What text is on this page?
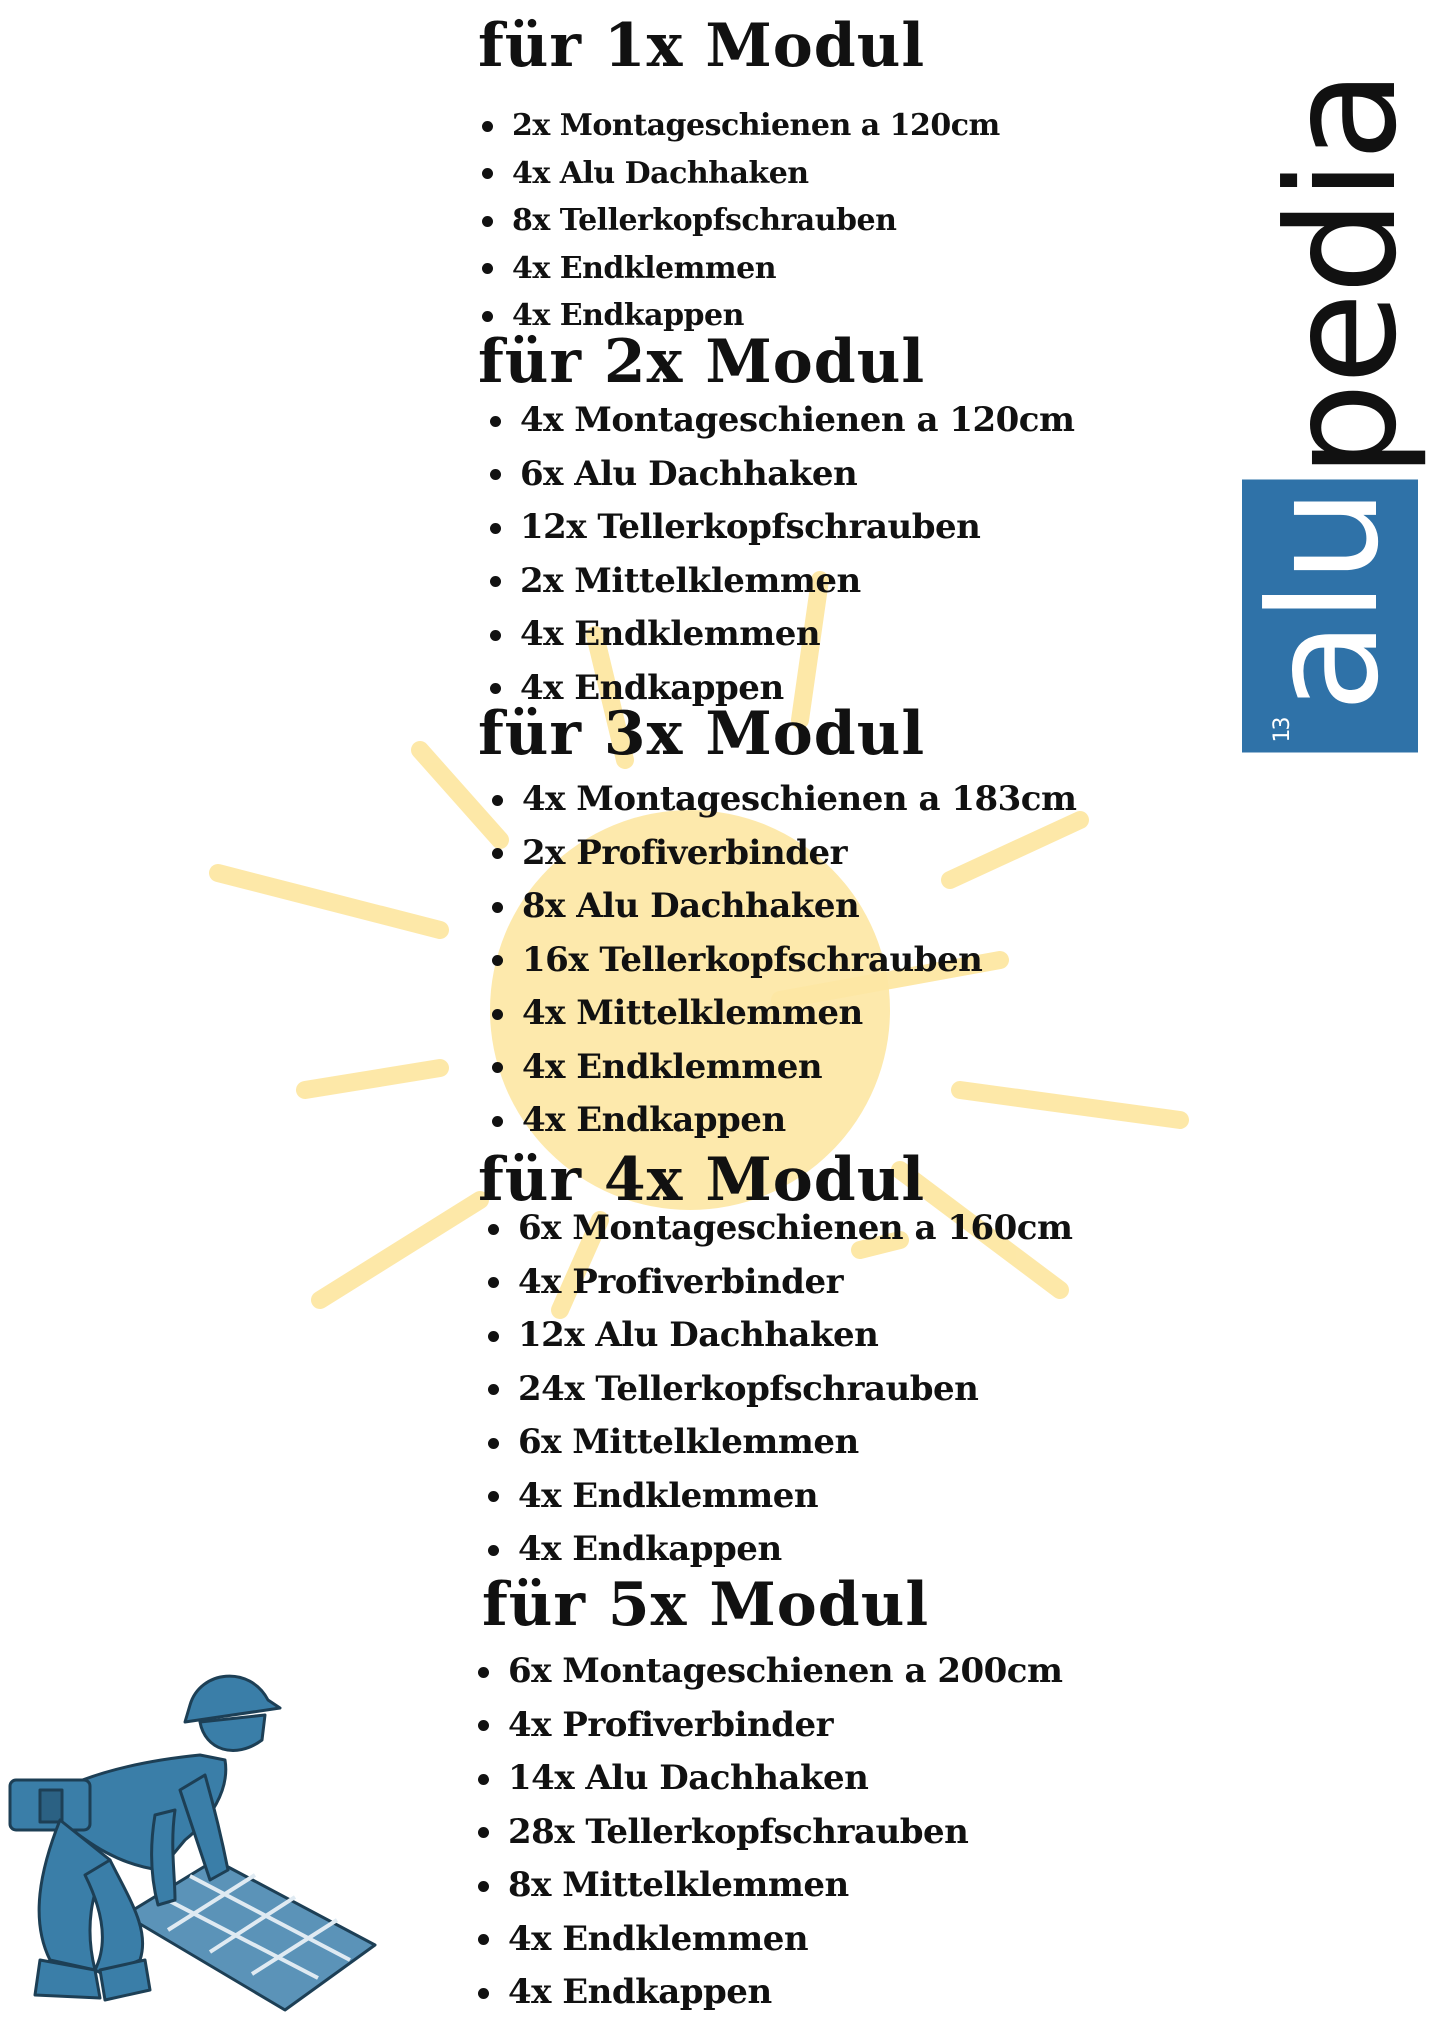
13
alu
pedia
für 1x Modul
2x Montageschienen a 120cm
4x Alu Dachhaken
8x Tellerkopfschrauben
4x Endklemmen
4x Endkappen
für 2x Modul
4x Montageschienen a 120cm
6x Alu Dachhaken
12x Tellerkopfschrauben
2x Mittelklemmen
4x Endklemmen
4x Endkappen
für 3x Modul
4x Montageschienen a 183cm
2x Profiverbinder
8x Alu Dachhaken
16x Tellerkopfschrauben
4x Mittelklemmen
4x Endklemmen
4x Endkappen
für 4x Modul
6x Montageschienen a 160cm
4x Profiverbinder
12x Alu Dachhaken
24x Tellerkopfschrauben
6x Mittelklemmen
4x Endklemmen
4x Endkappen
für 5x Modul
6x Montageschienen a 200cm
4x Profiverbinder
14x Alu Dachhaken
28x Tellerkopfschrauben
8x Mittelklemmen
4x Endklemmen
4x Endkappen
